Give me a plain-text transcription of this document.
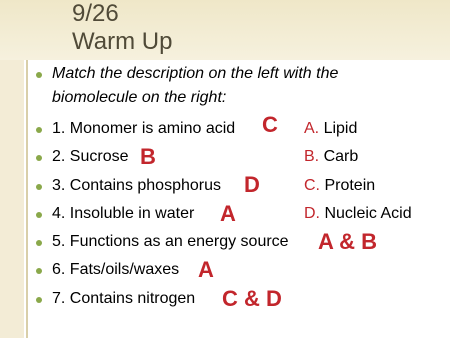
9/26
Warm Up
Match the description on the left with the
biomolecule on the right:
1. Monomer is amino acid
2. Sucrose
3. Contains phosphorus
4. Insoluble in water
5. Functions as an energy source
6. Fats/oils/waxes
7. Contains nitrogen
A. Lipid
B. Carb
C. Protein
D. Nucleic Acid
C
B
D
A
A & B
A
C & D
